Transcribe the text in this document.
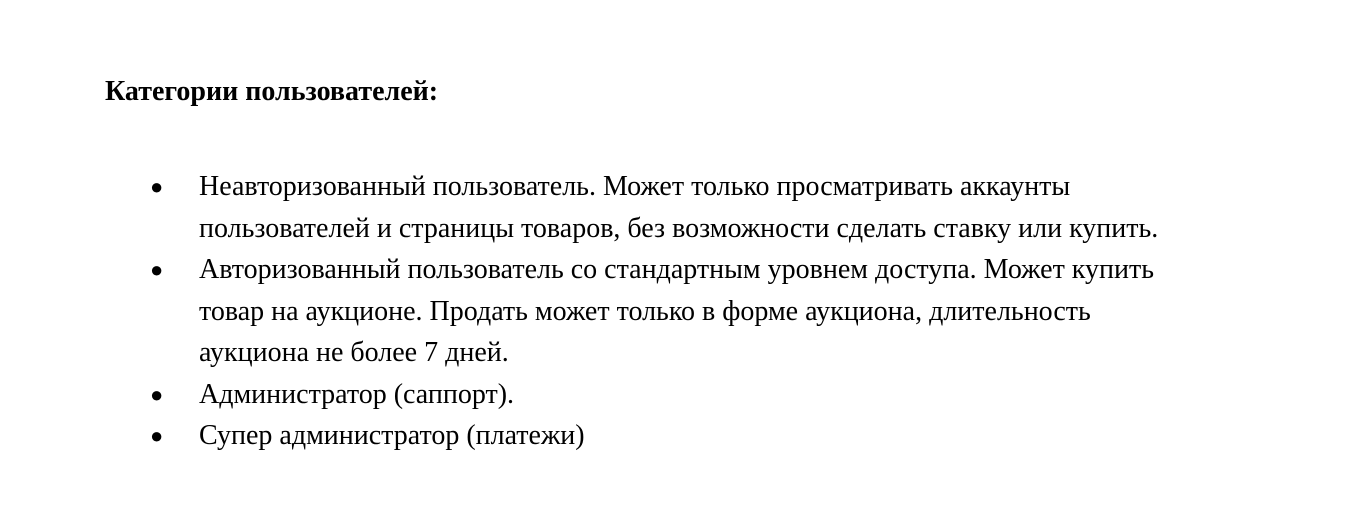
Категории пользователей:
● Неавторизованный пользователь. Может только просматривать аккаунты
пользователей и страницы товаров, без возможности сделать ставку или купить.
● Авторизованный пользователь со стандартным уровнем доступа. Может купить
товар на аукционе. Продать может только в форме аукциона, длительность
аукциона не более 7 дней.
● Администратор (саппорт).
● Супер администратор (платежи)
